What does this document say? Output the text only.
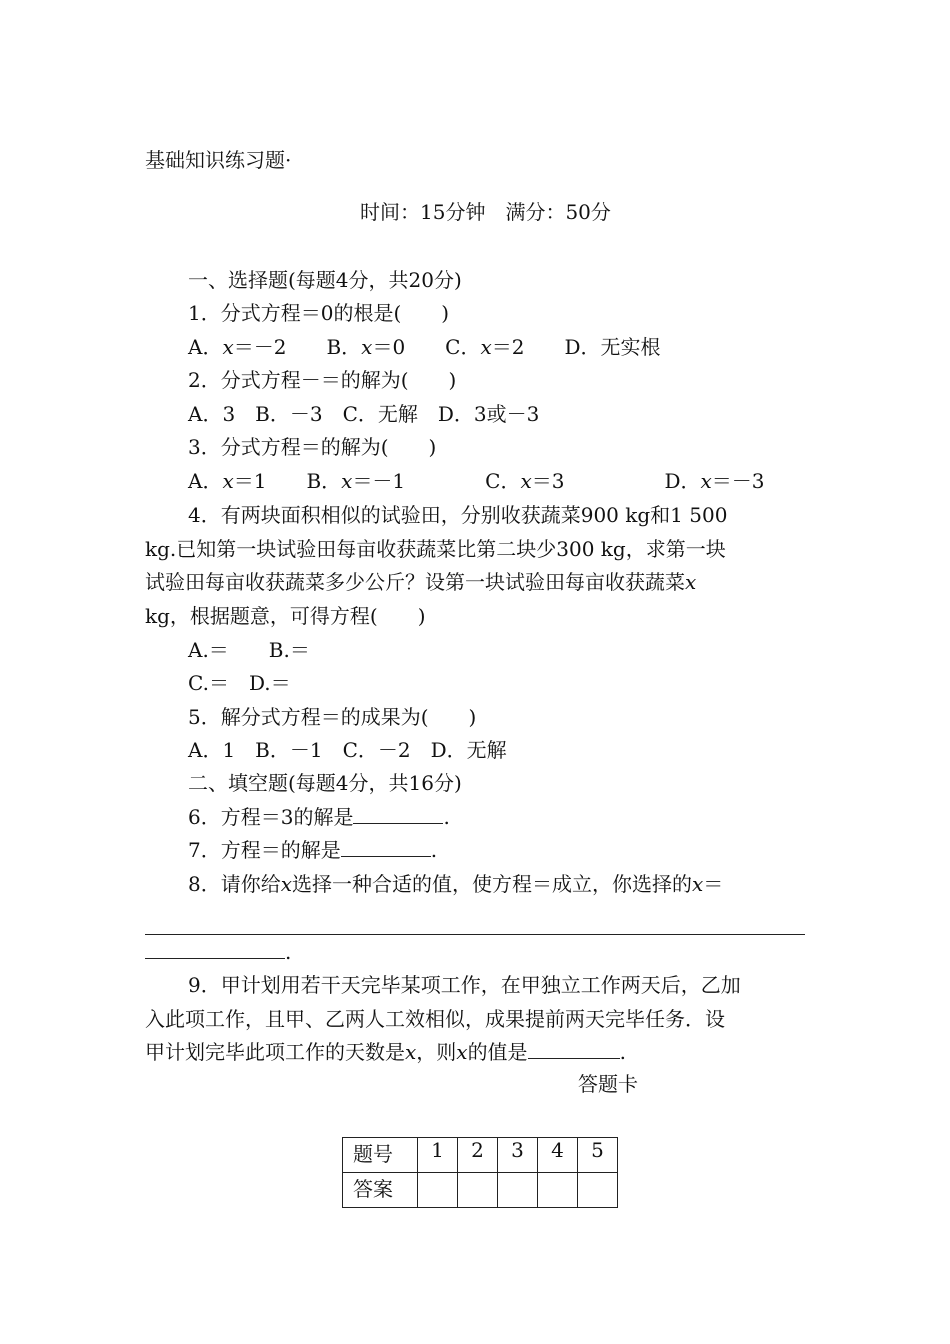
基础知识练习题·
时间：15分钟　满分：50分
一、选择题(每题4分，共20分)
1．分式方程＝0的根是(　　)
A．x＝－2　　B．x＝0　　C．x＝2　　D．无实根
2．分式方程－＝的解为(　　)
A．3　B．－3　C．无解　D．3或－3
3．分式方程＝的解为(　　)
A．x＝1　　B．x＝－1　　　　C．x＝3　　　　　D．x＝－3
4．有两块面积相似的试验田，分别收获蔬菜900 kg和1 500
kg.已知第一块试验田每亩收获蔬菜比第二块少300 kg，求第一块
试验田每亩收获蔬菜多少公斤？设第一块试验田每亩收获蔬菜x
kg，根据题意，可得方程(　　)
A.＝　　B.＝
C.＝　D.＝
5．解分式方程＝的成果为(　　)
A．1　B．－1　C．－2　D．无解
二、填空题(每题4分，共16分)
6．方程＝3的解是	.
7．方程＝的解是	.
8．请你给x选择一种合适的值，使方程＝成立，你选择的x＝
.
9．甲计划用若干天完毕某项工作，在甲独立工作两天后，乙加
入此项工作，且甲、乙两人工效相似，成果提前两天完毕任务．设
甲计划完毕此项工作的天数是x，则x的值是	.
答题卡
题号	1	2	3	4	5
答案					
